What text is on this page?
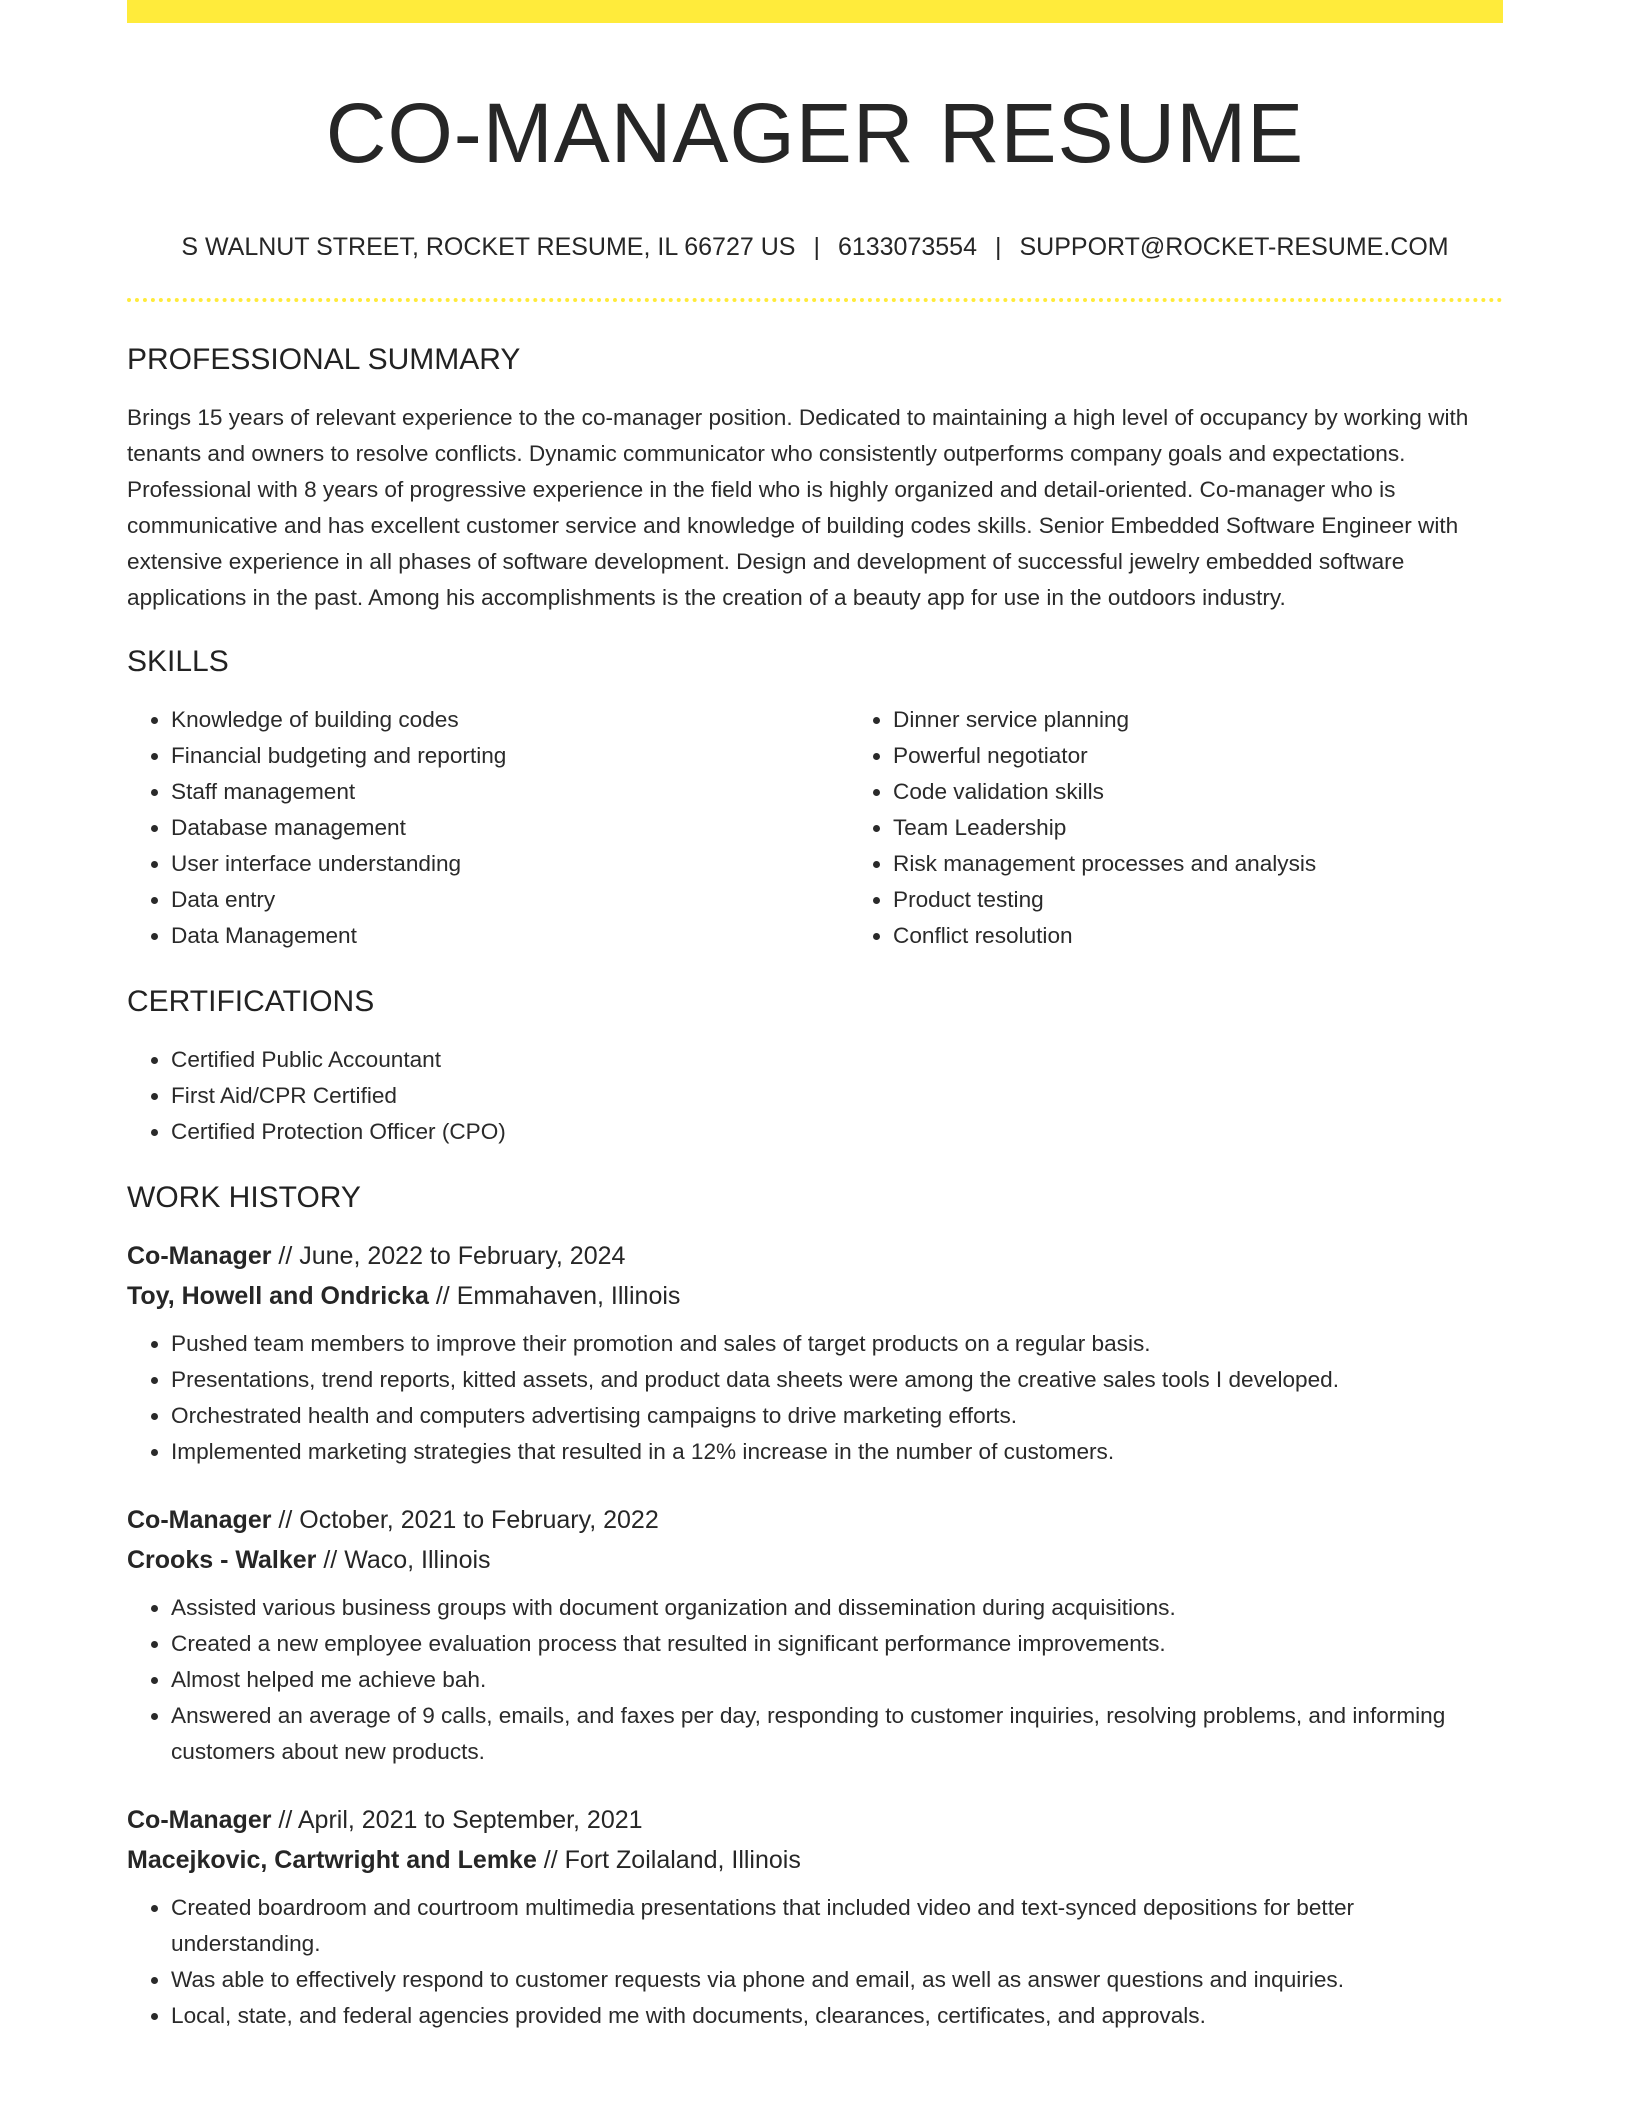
CO-MANAGER RESUME
S WALNUT STREET, ROCKET RESUME, IL 66727 US | 6133073554 | SUPPORT@ROCKET-RESUME.COM
PROFESSIONAL SUMMARY

Brings 15 years of relevant experience to the co-manager position. Dedicated to maintaining a high level of occupancy by working with tenants and owners to resolve conflicts. Dynamic communicator who consistently outperforms company goals and expectations. Professional with 8 years of progressive experience in the field who is highly organized and detail-oriented. Co-manager who is communicative and has excellent customer service and knowledge of building codes skills. Senior Embedded Software Engineer with extensive experience in all phases of software development. Design and development of successful jewelry embedded software applications in the past. Among his accomplishments is the creation of a beauty app for use in the outdoors industry.

SKILLS
• Knowledge of building codes
• Financial budgeting and reporting
• Staff management
• Database management
• User interface understanding
• Data entry
• Data Management
• Dinner service planning
• Powerful negotiator
• Code validation skills
• Team Leadership
• Risk management processes and analysis
• Product testing
• Conflict resolution
CERTIFICATIONS
• Certified Public Accountant
• First Aid/CPR Certified
• Certified Protection Officer (CPO)
WORK HISTORY
Co-Manager // June, 2022 to February, 2024
Toy, Howell and Ondricka // Emmahaven, Illinois
• Pushed team members to improve their promotion and sales of target products on a regular basis.
• Presentations, trend reports, kitted assets, and product data sheets were among the creative sales tools I developed.
• Orchestrated health and computers advertising campaigns to drive marketing efforts.
• Implemented marketing strategies that resulted in a 12% increase in the number of customers.
Co-Manager // October, 2021 to February, 2022
Crooks - Walker // Waco, Illinois
• Assisted various business groups with document organization and dissemination during acquisitions.
• Created a new employee evaluation process that resulted in significant performance improvements.
• Almost helped me achieve bah.
• Answered an average of 9 calls, emails, and faxes per day, responding to customer inquiries, resolving problems, and informing customers about new products.
Co-Manager // April, 2021 to September, 2021
Macejkovic, Cartwright and Lemke // Fort Zoilaland, Illinois
• Created boardroom and courtroom multimedia presentations that included video and text-synced depositions for better understanding.
• Was able to effectively respond to customer requests via phone and email, as well as answer questions and inquiries.
• Local, state, and federal agencies provided me with documents, clearances, certificates, and approvals.
